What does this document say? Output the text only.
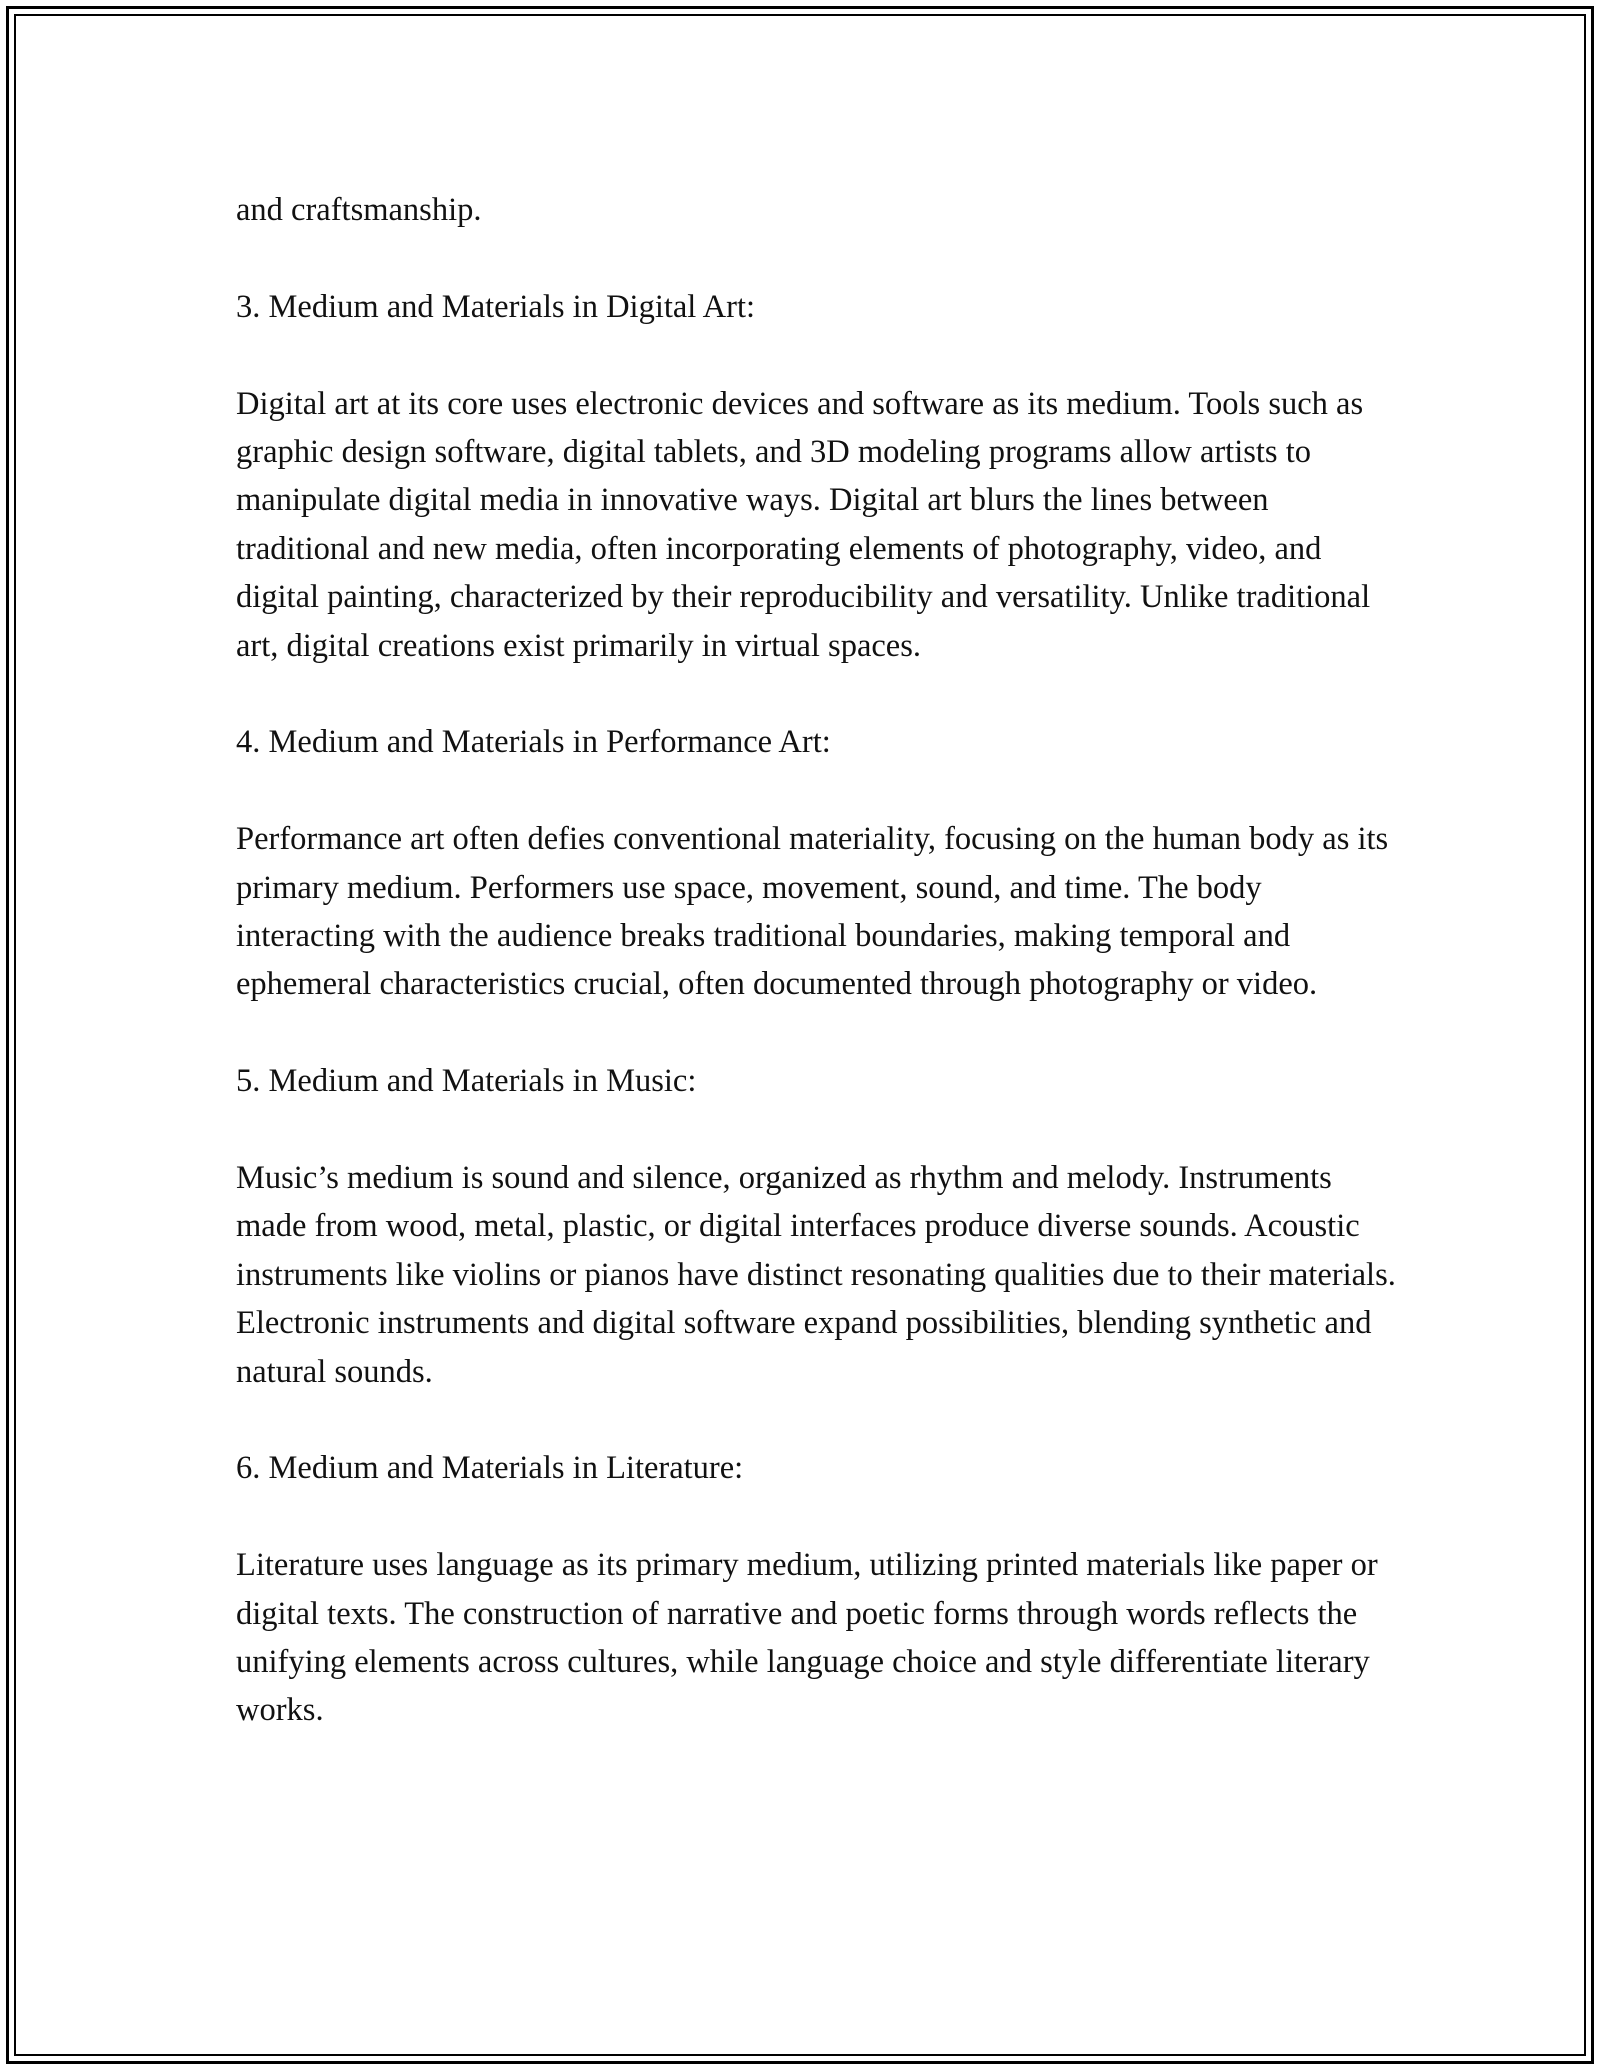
and craftsmanship.

3. Medium and Materials in Digital Art:

Digital art at its core uses electronic devices and software as its medium. Tools such as graphic design software, digital tablets, and 3D modeling programs allow artists to manipulate digital media in innovative ways. Digital art blurs the lines between traditional and new media, often incorporating elements of photography, video, and digital painting, characterized by their reproducibility and versatility. Unlike traditional art, digital creations exist primarily in virtual spaces.

4. Medium and Materials in Performance Art:

Performance art often defies conventional materiality, focusing on the human body as its primary medium. Performers use space, movement, sound, and time. The body interacting with the audience breaks traditional boundaries, making temporal and ephemeral characteristics crucial, often documented through photography or video.

5. Medium and Materials in Music:

Music’s medium is sound and silence, organized as rhythm and melody. Instruments made from wood, metal, plastic, or digital interfaces produce diverse sounds. Acoustic instruments like violins or pianos have distinct resonating qualities due to their materials. Electronic instruments and digital software expand possibilities, blending synthetic and natural sounds.

6. Medium and Materials in Literature:

Literature uses language as its primary medium, utilizing printed materials like paper or digital texts. The construction of narrative and poetic forms through words reflects the unifying elements across cultures, while language choice and style differentiate literary works.
